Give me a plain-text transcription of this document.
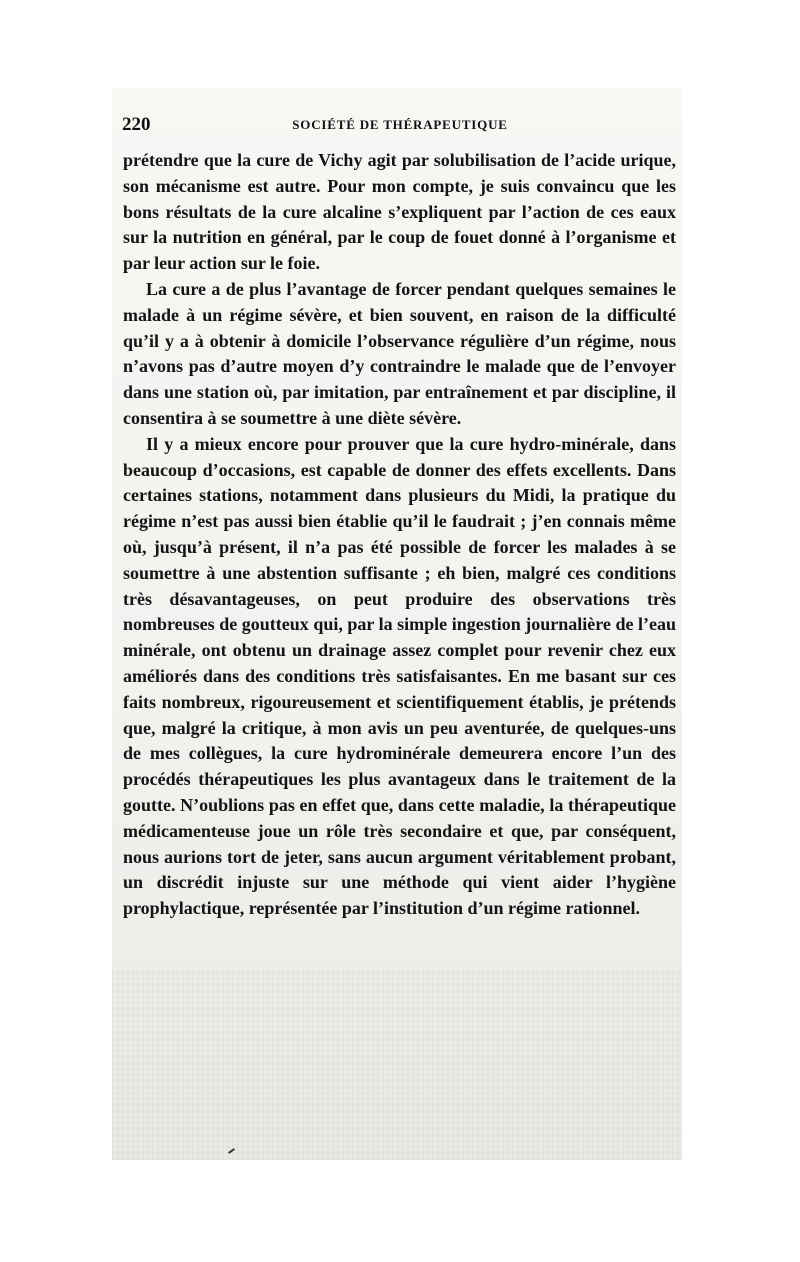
220	SOCIÉTÉ DE THÉRAPEUTIQUE

prétendre que la cure de Vichy agit par solubilisation de l’acide urique, son mécanisme est autre. Pour mon compte, je suis convaincu que les bons résultats de la cure alcaline s’expliquent par l’action de ces eaux sur la nutrition en général, par le coup de fouet donné à l’organisme et par leur action sur le foie.

La cure a de plus l’avantage de forcer pendant quelques semaines le malade à un régime sévère, et bien souvent, en raison de la difficulté qu’il y a à obtenir à domicile l’observance régulière d’un régime, nous n’avons pas d’autre moyen d’y contraindre le malade que de l’envoyer dans une station où, par imitation, par entraînement et par discipline, il consentira à se soumettre à une diète sévère.

Il y a mieux encore pour prouver que la cure hydro-minérale, dans beaucoup d’occasions, est capable de donner des effets excellents. Dans certaines stations, notamment dans plusieurs du Midi, la pratique du régime n’est pas aussi bien établie qu’il le faudrait ; j’en connais même où, jusqu’à présent, il n’a pas été possible de forcer les malades à se soumettre à une abstention suffisante ; eh bien, malgré ces conditions très désavantageuses, on peut produire des observations très nombreuses de goutteux qui, par la simple ingestion journalière de l’eau minérale, ont obtenu un drainage assez complet pour revenir chez eux améliorés dans des conditions très satisfaisantes. En me basant sur ces faits nombreux, rigoureusement et scientifiquement établis, je prétends que, malgré la critique, à mon avis un peu aventurée, de quelques-uns de mes collègues, la cure hydrominérale demeurera encore l’un des procédés thérapeutiques les plus avantageux dans le traitement de la goutte. N’oublions pas en effet que, dans cette maladie, la thérapeutique médicamenteuse joue un rôle très secondaire et que, par conséquent, nous aurions tort de jeter, sans aucun argument véritablement probant, un discrédit injuste sur une méthode qui vient aider l’hygiène prophylactique, représentée par l’institution d’un régime rationnel.
